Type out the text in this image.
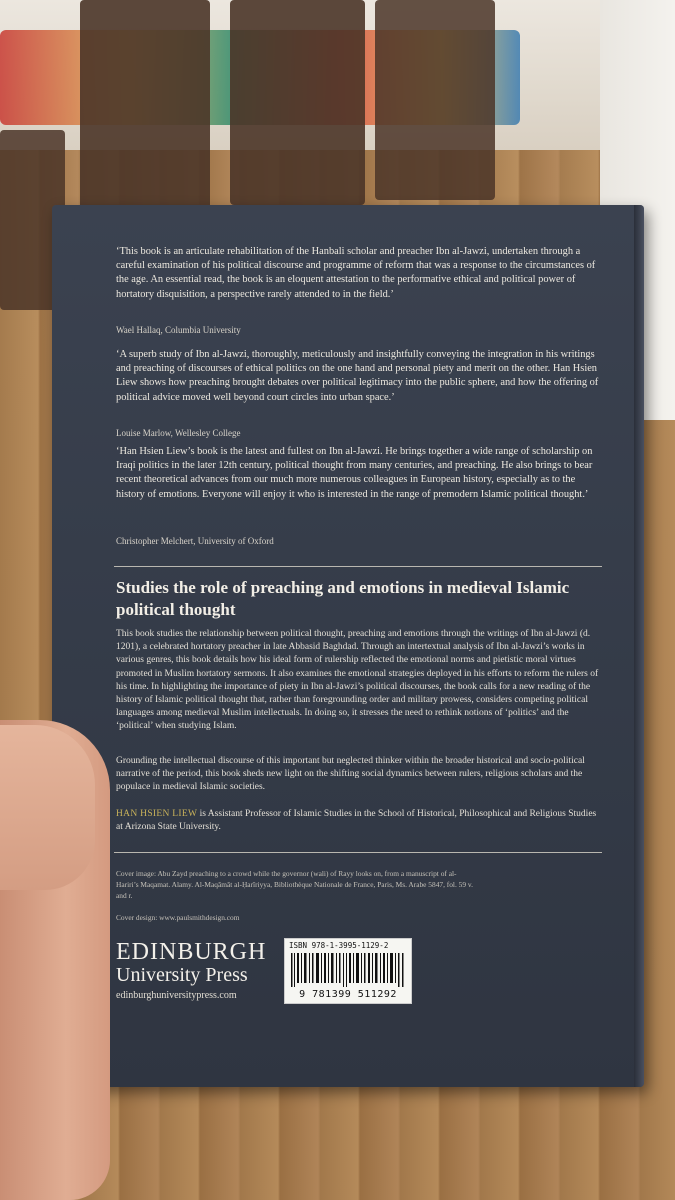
‘This book is an articulate rehabilitation of the Hanbali scholar and preacher Ibn al-Jawzi, undertaken through a careful examination of his political discourse and programme of reform that was a response to the circumstances of the age. An essential read, the book is an eloquent attestation to the performative ethical and political power of hortatory disquisition, a perspective rarely attended to in the field.’
Wael Hallaq, Columbia University
‘A superb study of Ibn al-Jawzi, thoroughly, meticulously and insightfully conveying the integration in his writings and preaching of discourses of ethical politics on the one hand and personal piety and merit on the other. Han Hsien Liew shows how preaching brought debates over political legitimacy into the public sphere, and how the offering of political advice moved well beyond court circles into urban space.’
Louise Marlow, Wellesley College
‘Han Hsien Liew’s book is the latest and fullest on Ibn al-Jawzi. He brings together a wide range of scholarship on Iraqi politics in the later 12th century, political thought from many centuries, and preaching. He also brings to bear recent theoretical advances from our much more numerous colleagues in European history, especially as to the history of emotions. Everyone will enjoy it who is interested in the range of premodern Islamic political thought.’
Christopher Melchert, University of Oxford
Studies the role of preaching and emotions in medieval Islamic political thought
This book studies the relationship between political thought, preaching and emotions through the writings of Ibn al-Jawzi (d. 1201), a celebrated hortatory preacher in late Abbasid Baghdad. Through an intertextual analysis of Ibn al-Jawzi’s works in various genres, this book details how his ideal form of rulership reflected the emotional norms and pietistic moral virtues promoted in Muslim hortatory sermons. It also examines the emotional strategies deployed in his efforts to reform the rulers of his time. In highlighting the importance of piety in Ibn al-Jawzi’s political discourses, the book calls for a new reading of the history of Islamic political thought that, rather than foregrounding order and military prowess, considers competing political languages among medieval Muslim intellectuals. In doing so, it stresses the need to rethink notions of ‘politics’ and the ‘political’ when studying Islam.
Grounding the intellectual discourse of this important but neglected thinker within the broader historical and socio-political narrative of the period, this book sheds new light on the shifting social dynamics between rulers, religious scholars and the populace in medieval Islamic societies.
HAN HSIEN LIEW is Assistant Professor of Islamic Studies in the School of Historical, Philosophical and Religious Studies at Arizona State University.
Cover image: Abu Zayd preaching to a crowd while the governor (wali) of Rayy looks on, from a manuscript of al-Hariri’s Maqamat. Alamy. Al-Maqāmāt al-Ḥarīriyya, Bibliothèque Nationale de France, Paris, Ms. Arabe 5847, fol. 59 v. and r.
Cover design: www.paulsmithdesign.com
EDINBURGH
University Press
edinburghuniversitypress.com
ISBN 978-1-3995-1129-2
9 781399 511292
